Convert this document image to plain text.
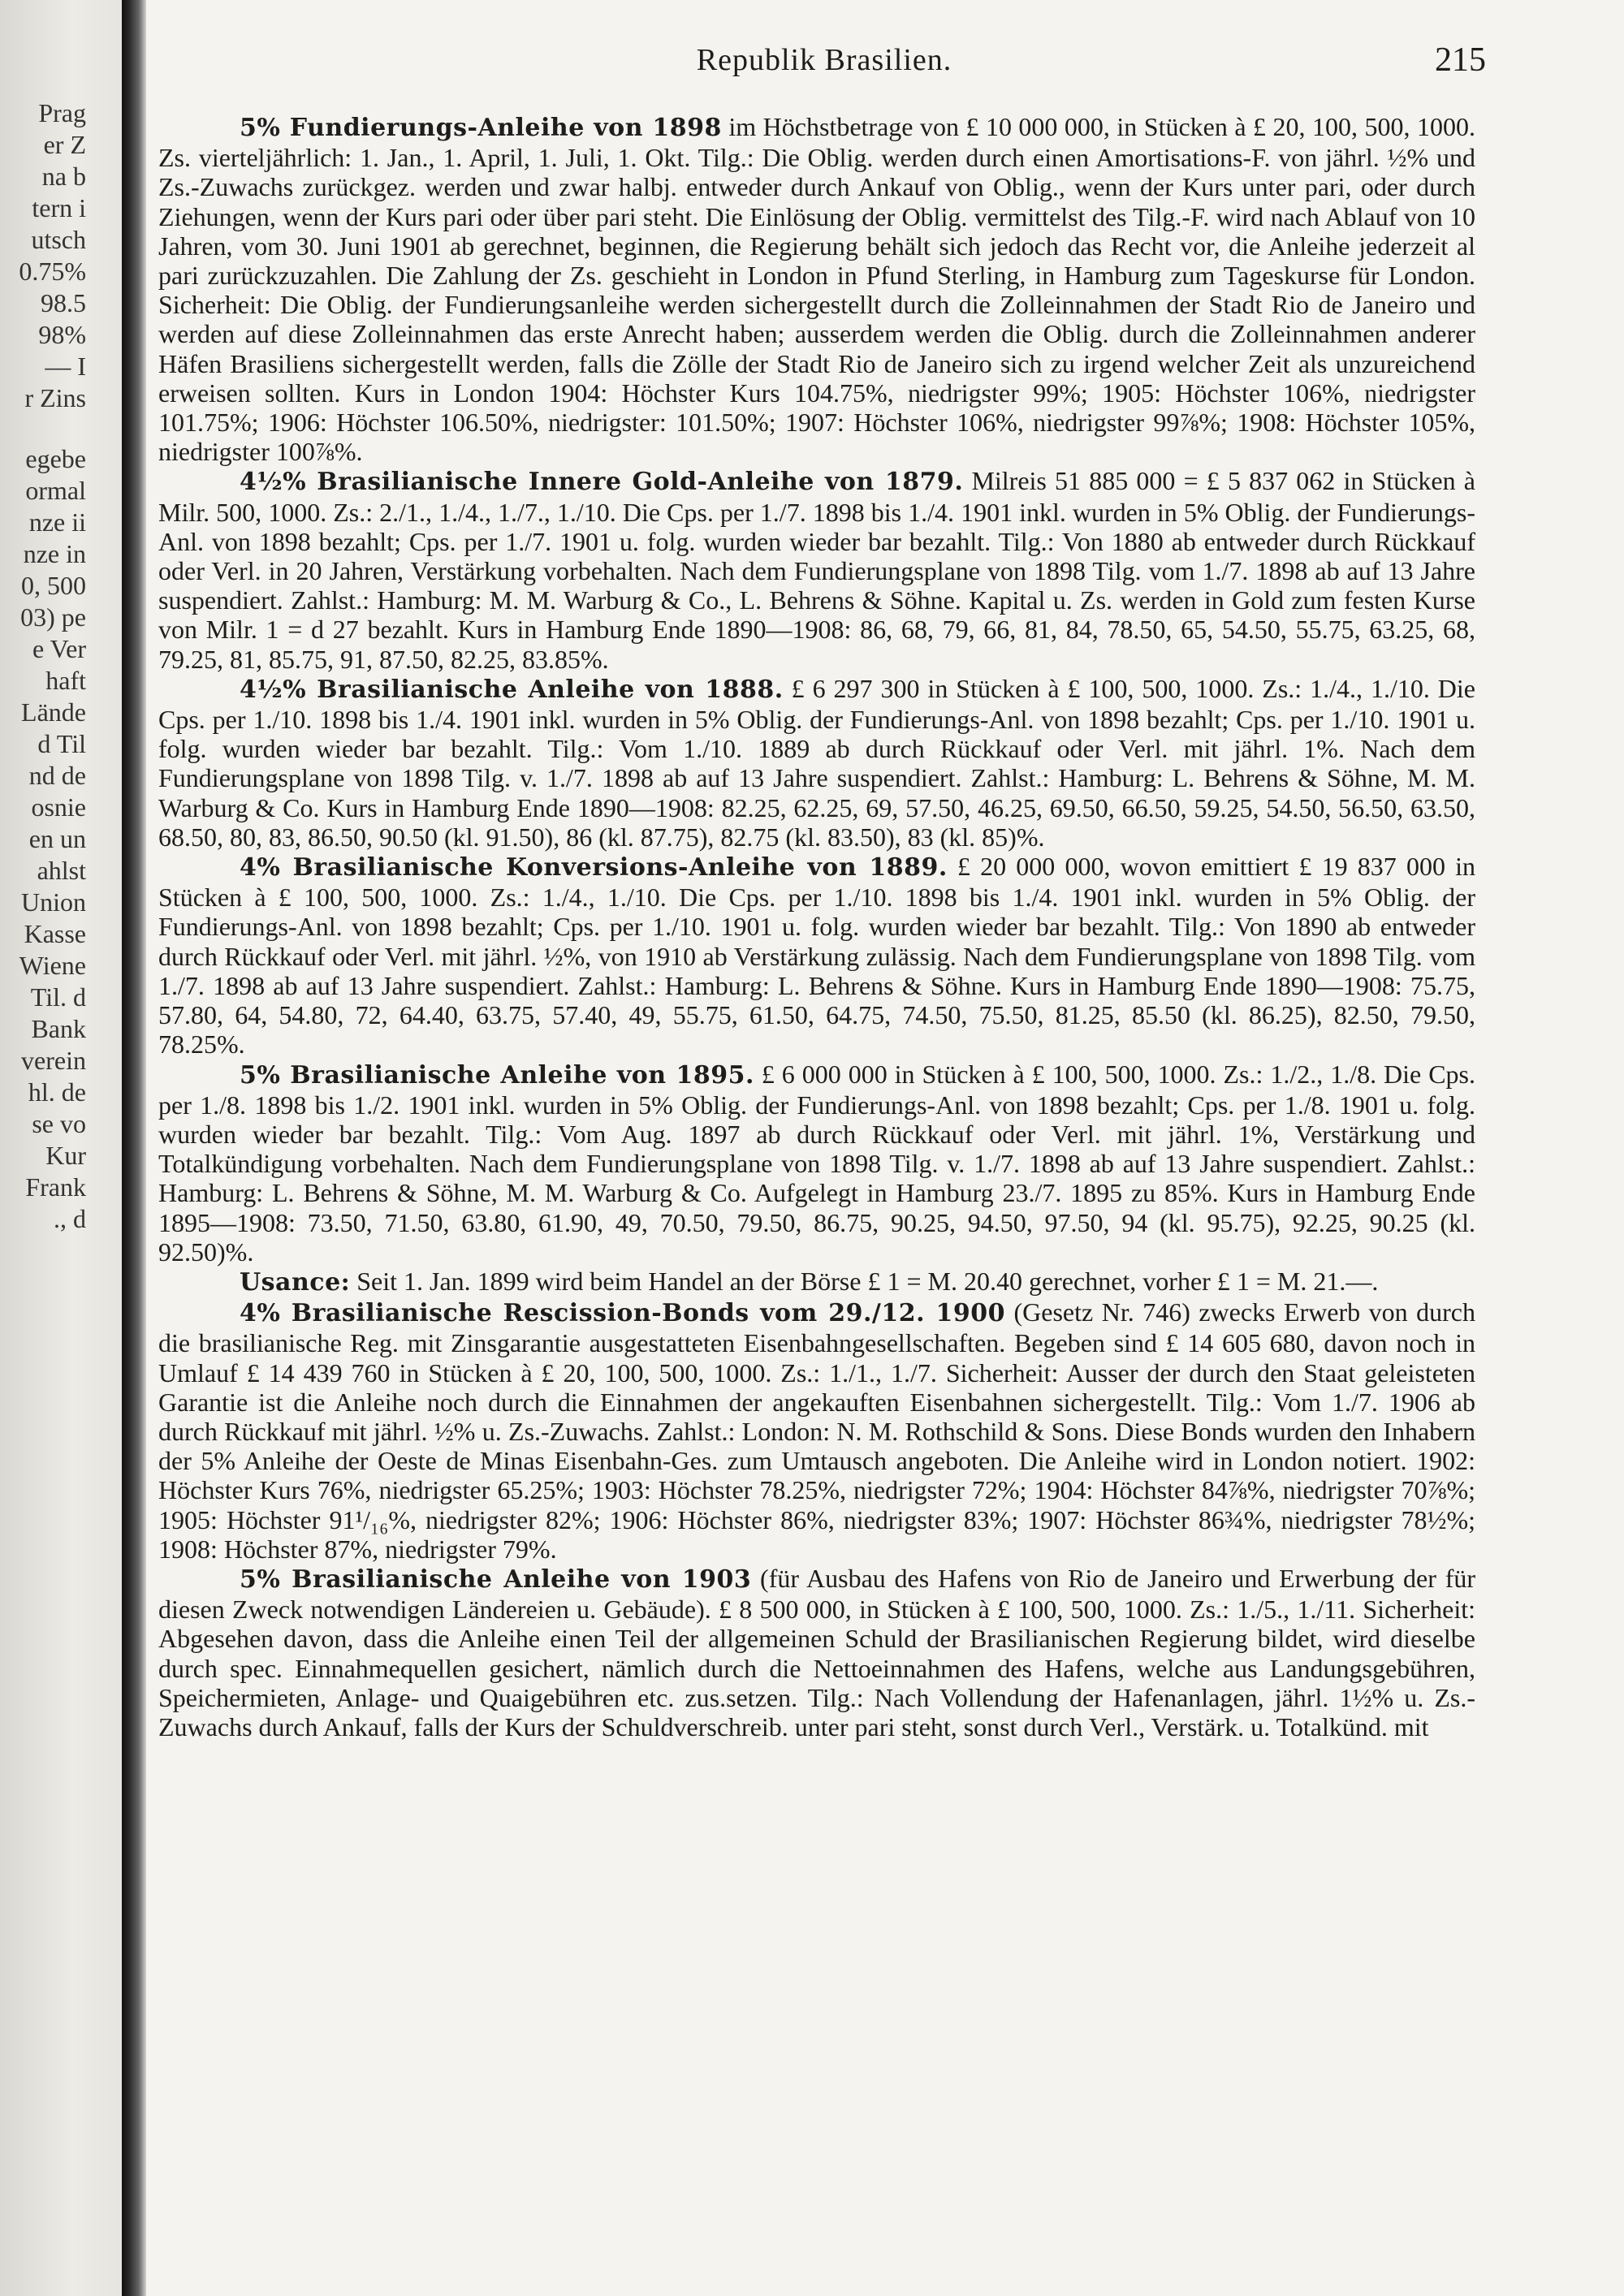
Prag
er Z
na b
tern i
utsch
0.75%
98.5
98%
— I
r Zins
egebe
ormal
nze ii
nze in
0, 500
03) pe
e Ver
haft
Lände
d Til
nd de
osnie
en un
ahlst
Union
Kasse
Wiene
Til. d
Bank
verein
hl. de
se vo
Kur
Frank
., d
Republik Brasilien.	215

5% Fundierungs-Anleihe von 1898 im Höchstbetrage von £ 10 000 000, in Stücken à £ 20, 100, 500, 1000. Zs. vierteljährlich: 1. Jan., 1. April, 1. Juli, 1. Okt. Tilg.: Die Oblig. werden durch einen Amortisations-F. von jährl. ½% und Zs.-Zuwachs zurückgez. werden und zwar halbj. entweder durch Ankauf von Oblig., wenn der Kurs unter pari, oder durch Ziehungen, wenn der Kurs pari oder über pari steht. Die Einlösung der Oblig. vermittelst des Tilg.-F. wird nach Ablauf von 10 Jahren, vom 30. Juni 1901 ab gerechnet, beginnen, die Regierung behält sich jedoch das Recht vor, die Anleihe jederzeit al pari zurückzuzahlen. Die Zahlung der Zs. geschieht in London in Pfund Sterling, in Hamburg zum Tageskurse für London. Sicherheit: Die Oblig. der Fundierungsanleihe werden sichergestellt durch die Zolleinnahmen der Stadt Rio de Janeiro und werden auf diese Zolleinnahmen das erste Anrecht haben; ausserdem werden die Oblig. durch die Zolleinnahmen anderer Häfen Brasiliens sichergestellt werden, falls die Zölle der Stadt Rio de Janeiro sich zu irgend welcher Zeit als unzureichend erweisen sollten. Kurs in London 1904: Höchster Kurs 104.75%, niedrigster 99%; 1905: Höchster 106%, niedrigster 101.75%; 1906: Höchster 106.50%, niedrigster: 101.50%; 1907: Höchster 106%, niedrigster 99⅞%; 1908: Höchster 105%, niedrigster 100⅞%.

4½% Brasilianische Innere Gold-Anleihe von 1879. Milreis 51 885 000 = £ 5 837 062 in Stücken à Milr. 500, 1000. Zs.: 2./1., 1./4., 1./7., 1./10. Die Cps. per 1./7. 1898 bis 1./4. 1901 inkl. wurden in 5% Oblig. der Fundierungs-Anl. von 1898 bezahlt; Cps. per 1./7. 1901 u. folg. wurden wieder bar bezahlt. Tilg.: Von 1880 ab entweder durch Rückkauf oder Verl. in 20 Jahren, Verstärkung vorbehalten. Nach dem Fundierungsplane von 1898 Tilg. vom 1./7. 1898 ab auf 13 Jahre suspendiert. Zahlst.: Hamburg: M. M. Warburg & Co., L. Behrens & Söhne. Kapital u. Zs. werden in Gold zum festen Kurse von Milr. 1 = d 27 bezahlt. Kurs in Hamburg Ende 1890—1908: 86, 68, 79, 66, 81, 84, 78.50, 65, 54.50, 55.75, 63.25, 68, 79.25, 81, 85.75, 91, 87.50, 82.25, 83.85%.

4½% Brasilianische Anleihe von 1888. £ 6 297 300 in Stücken à £ 100, 500, 1000. Zs.: 1./4., 1./10. Die Cps. per 1./10. 1898 bis 1./4. 1901 inkl. wurden in 5% Oblig. der Fundierungs-Anl. von 1898 bezahlt; Cps. per 1./10. 1901 u. folg. wurden wieder bar bezahlt. Tilg.: Vom 1./10. 1889 ab durch Rückkauf oder Verl. mit jährl. 1%. Nach dem Fundierungsplane von 1898 Tilg. v. 1./7. 1898 ab auf 13 Jahre suspendiert. Zahlst.: Hamburg: L. Behrens & Söhne, M. M. Warburg & Co. Kurs in Hamburg Ende 1890—1908: 82.25, 62.25, 69, 57.50, 46.25, 69.50, 66.50, 59.25, 54.50, 56.50, 63.50, 68.50, 80, 83, 86.50, 90.50 (kl. 91.50), 86 (kl. 87.75), 82.75 (kl. 83.50), 83 (kl. 85)%.

4% Brasilianische Konversions-Anleihe von 1889. £ 20 000 000, wovon emittiert £ 19 837 000 in Stücken à £ 100, 500, 1000. Zs.: 1./4., 1./10. Die Cps. per 1./10. 1898 bis 1./4. 1901 inkl. wurden in 5% Oblig. der Fundierungs-Anl. von 1898 bezahlt; Cps. per 1./10. 1901 u. folg. wurden wieder bar bezahlt. Tilg.: Von 1890 ab entweder durch Rückkauf oder Verl. mit jährl. ½%, von 1910 ab Verstärkung zulässig. Nach dem Fundierungsplane von 1898 Tilg. vom 1./7. 1898 ab auf 13 Jahre suspendiert. Zahlst.: Hamburg: L. Behrens & Söhne. Kurs in Hamburg Ende 1890—1908: 75.75, 57.80, 64, 54.80, 72, 64.40, 63.75, 57.40, 49, 55.75, 61.50, 64.75, 74.50, 75.50, 81.25, 85.50 (kl. 86.25), 82.50, 79.50, 78.25%.

5% Brasilianische Anleihe von 1895. £ 6 000 000 in Stücken à £ 100, 500, 1000. Zs.: 1./2., 1./8. Die Cps. per 1./8. 1898 bis 1./2. 1901 inkl. wurden in 5% Oblig. der Fundierungs-Anl. von 1898 bezahlt; Cps. per 1./8. 1901 u. folg. wurden wieder bar bezahlt. Tilg.: Vom Aug. 1897 ab durch Rückkauf oder Verl. mit jährl. 1%, Verstärkung und Totalkündigung vorbehalten. Nach dem Fundierungsplane von 1898 Tilg. v. 1./7. 1898 ab auf 13 Jahre suspendiert. Zahlst.: Hamburg: L. Behrens & Söhne, M. M. Warburg & Co. Aufgelegt in Hamburg 23./7. 1895 zu 85%. Kurs in Hamburg Ende 1895—1908: 73.50, 71.50, 63.80, 61.90, 49, 70.50, 79.50, 86.75, 90.25, 94.50, 97.50, 94 (kl. 95.75), 92.25, 90.25 (kl. 92.50)%.

Usance: Seit 1. Jan. 1899 wird beim Handel an der Börse £ 1 = M. 20.40 gerechnet, vorher £ 1 = M. 21.—.

4% Brasilianische Rescission-Bonds vom 29./12. 1900 (Gesetz Nr. 746) zwecks Erwerb von durch die brasilianische Reg. mit Zinsgarantie ausgestatteten Eisenbahngesellschaften. Begeben sind £ 14 605 680, davon noch in Umlauf £ 14 439 760 in Stücken à £ 20, 100, 500, 1000. Zs.: 1./1., 1./7. Sicherheit: Ausser der durch den Staat geleisteten Garantie ist die Anleihe noch durch die Einnahmen der angekauften Eisenbahnen sichergestellt. Tilg.: Vom 1./7. 1906 ab durch Rückkauf mit jährl. ½% u. Zs.-Zuwachs. Zahlst.: London: N. M. Rothschild & Sons. Diese Bonds wurden den Inhabern der 5% Anleihe der Oeste de Minas Eisenbahn-Ges. zum Umtausch angeboten. Die Anleihe wird in London notiert. 1902: Höchster Kurs 76%, niedrigster 65.25%; 1903: Höchster 78.25%, niedrigster 72%; 1904: Höchster 84⅞%, niedrigster 70⅞%; 1905: Höchster 91¹/₁₆%, niedrigster 82%; 1906: Höchster 86%, niedrigster 83%; 1907: Höchster 86¾%, niedrigster 78½%; 1908: Höchster 87%, niedrigster 79%.

5% Brasilianische Anleihe von 1903 (für Ausbau des Hafens von Rio de Janeiro und Erwerbung der für diesen Zweck notwendigen Ländereien u. Gebäude). £ 8 500 000, in Stücken à £ 100, 500, 1000. Zs.: 1./5., 1./11. Sicherheit: Abgesehen davon, dass die Anleihe einen Teil der allgemeinen Schuld der Brasilianischen Regierung bildet, wird dieselbe durch spec. Einnahmequellen gesichert, nämlich durch die Nettoeinnahmen des Hafens, welche aus Landungsgebühren, Speichermieten, Anlage- und Quaigebühren etc. zus.setzen. Tilg.: Nach Vollendung der Hafenanlagen, jährl. 1½% u. Zs.-Zuwachs durch Ankauf, falls der Kurs der Schuldverschreib. unter pari steht, sonst durch Verl., Verstärk. u. Totalkünd. mit
